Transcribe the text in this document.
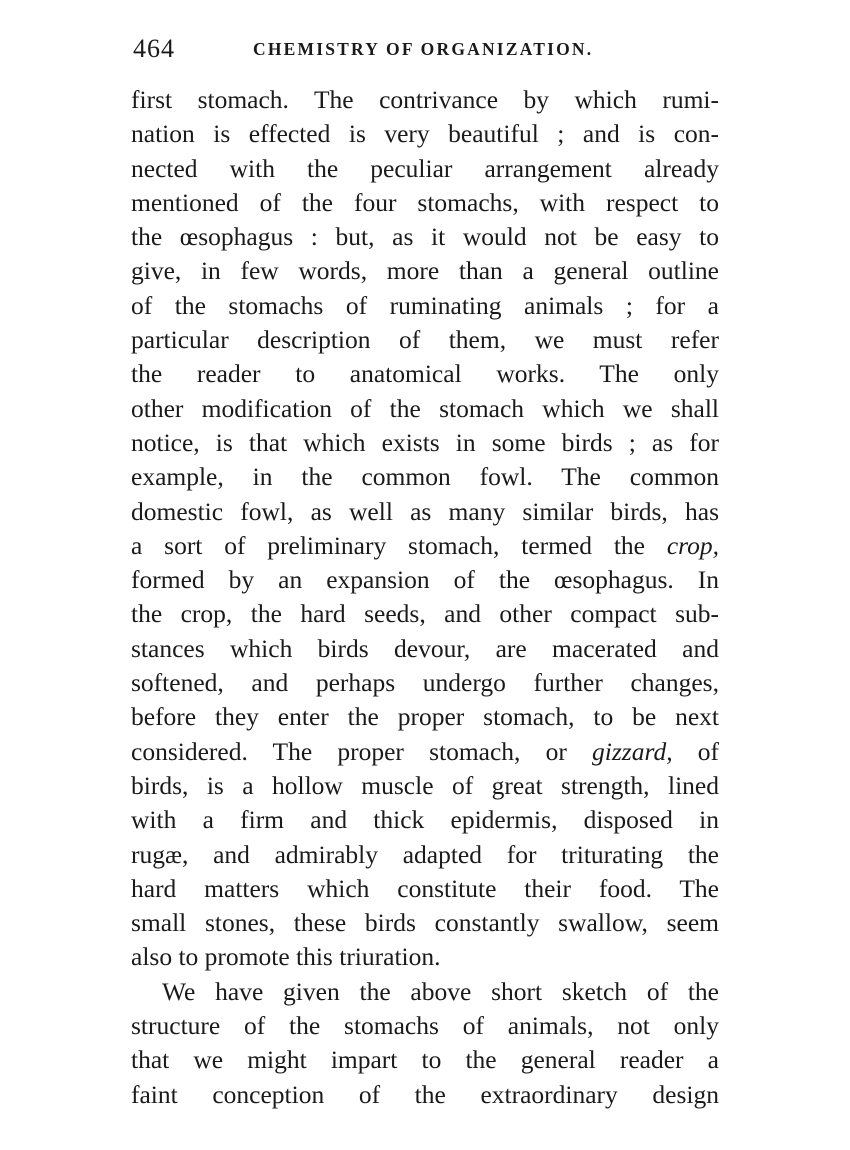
464	CHEMISTRY OF ORGANIZATION.
first stomach. The contrivance by which rumi-
nation is effected is very beautiful ; and is con-
nected with the peculiar arrangement already
mentioned of the four stomachs, with respect to
the œsophagus : but, as it would not be easy to
give, in few words, more than a general outline
of the stomachs of ruminating animals ; for a
particular description of them, we must refer
the reader to anatomical works. The only
other modification of the stomach which we shall
notice, is that which exists in some birds ; as for
example, in the common fowl. The common
domestic fowl, as well as many similar birds, has
a sort of preliminary stomach, termed the crop,
formed by an expansion of the œsophagus. In
the crop, the hard seeds, and other compact sub-
stances which birds devour, are macerated and
softened, and perhaps undergo further changes,
before they enter the proper stomach, to be next
considered. The proper stomach, or gizzard, of
birds, is a hollow muscle of great strength, lined
with a firm and thick epidermis, disposed in
rugæ, and admirably adapted for triturating the
hard matters which constitute their food. The
small stones, these birds constantly swallow, seem
also to promote this triuration.
We have given the above short sketch of the
structure of the stomachs of animals, not only
that we might impart to the general reader a
faint conception of the extraordinary design
